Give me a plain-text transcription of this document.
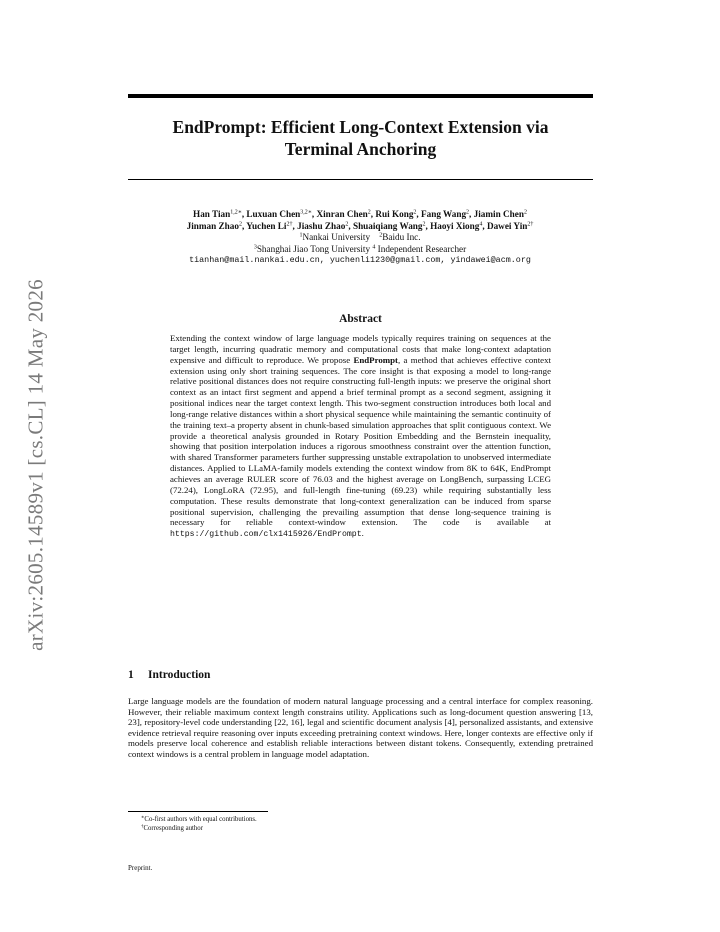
arXiv:2605.14589v1 [cs.CL] 14 May 2026
EndPrompt: Efficient Long-Context Extension via
Terminal Anchoring
Han Tian$^{1,2∗}$, Luxuan Chen$^{3,2∗}$, Xinran Chen$^2$, Rui Kong$^2$, Fang Wang$^2$, Jiamin Chen$^2$
Jinman Zhao$^2$, Yuchen $Li^{2\dagger}$, Jiashu Zhao$^2$, Shuaiqiang Wang$^2$, Haoyi Xiong$^4$, Dawei Yin$^{2\dagger}$
$^1$Nankai University $^2$Baidu Inc.
$^3$Shanghai Jiao Tong University $^4$ Independent Researcher
tianhan@mail.nankai.edu.cn, yuchenli1230@gmail.com, yindawei@acm.org
Abstract
Extending the context window of large language models typically requires training on sequences at the target length, incurring quadratic memory and computational costs that make long-context adaptation expensive and difficult to reproduce. We propose EndPrompt, a method that achieves effective context extension using only short training sequences. The core insight is that exposing a model to long-range relative positional distances does not require constructing full-length inputs: we preserve the original short context as an intact first segment and append a brief terminal prompt as a second segment, assigning it positional indices near the target context length. This two-segment construction introduces both local and long-range relative distances within a short physical sequence while maintaining the semantic continuity of the training text–a property absent in chunk-based simulation approaches that split contiguous context. We provide a theoretical analysis grounded in Rotary Position Embedding and the Bernstein inequality, showing that position interpolation induces a rigorous smoothness constraint over the attention function, with shared Transformer parameters further suppressing unstable extrapolation to unobserved intermediate distances. Applied to LLaMA-family models extending the context window from 8K to 64K, EndPrompt achieves an average RULER score of 76.03 and the highest average on LongBench, surpassing LCEG (72.24), LongLoRA (72.95), and full-length fine-tuning (69.23) while requiring substantially less computation. These results demonstrate that long-context generalization can be induced from sparse positional supervision, challenging the prevailing assumption that dense long-sequence training is necessary for reliable context-window extension. The code is available at https://github.com/clx1415926/EndPrompt.
1 Introduction
Large language models are the foundation of modern natural language processing and a central interface for complex reasoning. However, their reliable maximum context length constrains utility. Applications such as long-document question answering [13, 23], repository-level code understanding [22, 16], legal and scientific document analysis [4], personalized assistants, and extensive evidence retrieval require reasoning over inputs exceeding pretraining context windows. Here, longer contexts are effective only if models preserve local coherence and establish reliable interactions between distant tokens. Consequently, extending pretrained context windows is a central problem in language model adaptation.
∗Co-first authors with equal contributions.
†Corresponding author
Preprint.
